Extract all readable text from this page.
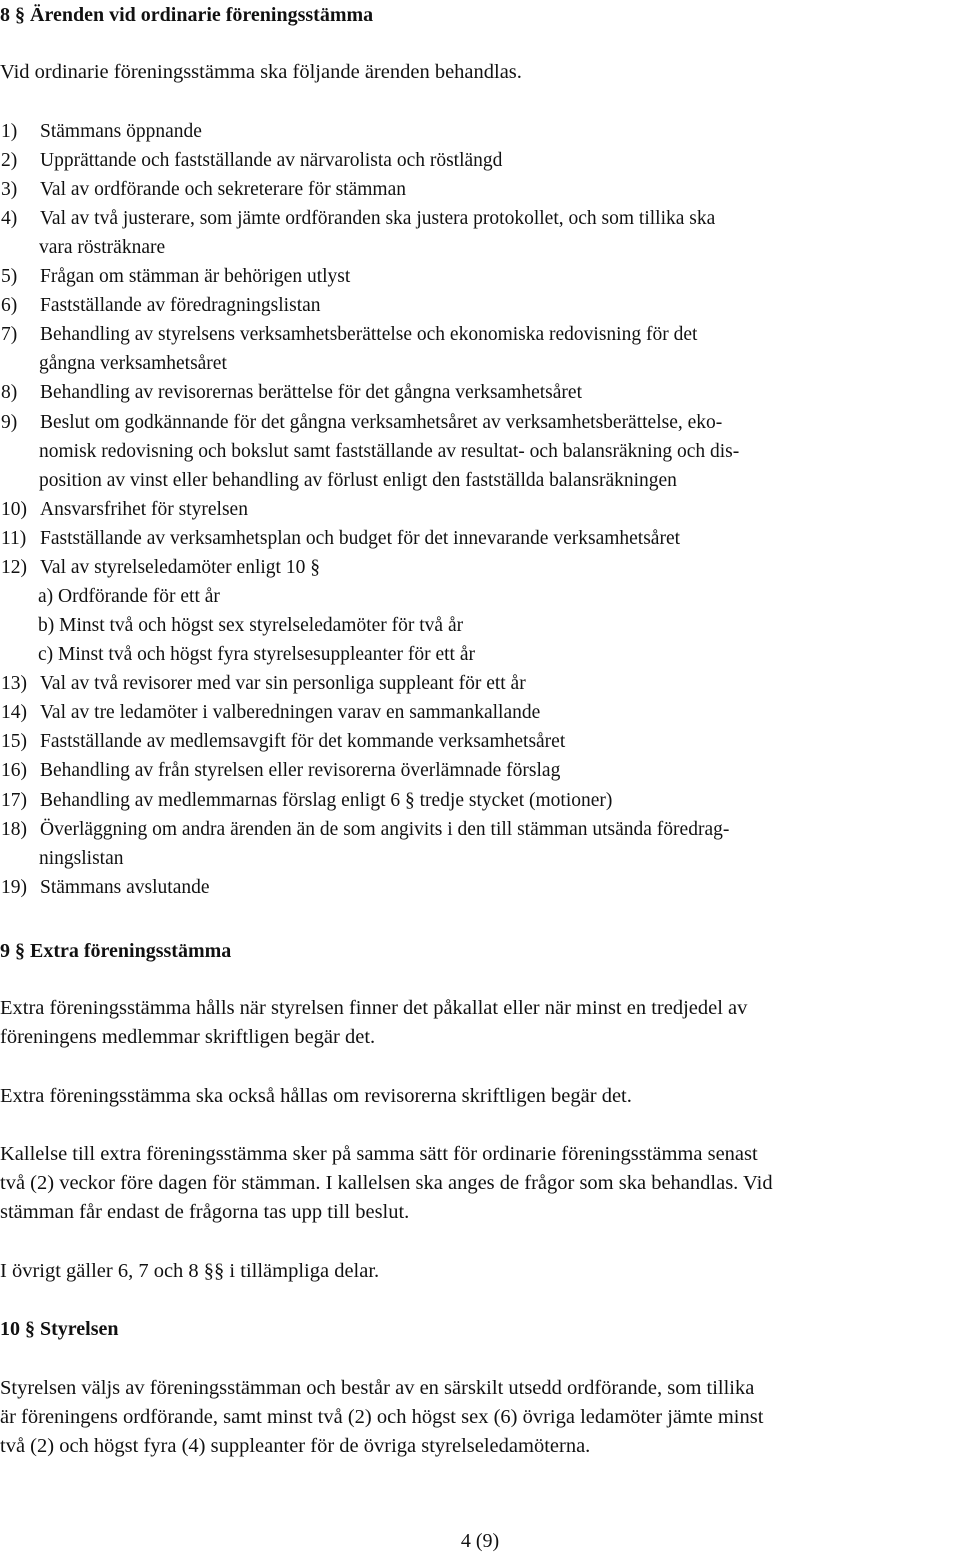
8 § Ärenden vid ordinarie föreningsstämma

Vid ordinarie föreningsstämma ska följande ärenden behandlas.

1) Stämmans öppnande

2) Upprättande och fastställande av närvarolista och röstlängd

3) Val av ordförande och sekreterare för stämman

4) Val av två justerare, som jämte ordföranden ska justera protokollet, och som tillika ska

vara rösträknare

5) Frågan om stämman är behörigen utlyst

6) Fastställande av föredragningslistan

7) Behandling av styrelsens verksamhetsberättelse och ekonomiska redovisning för det

gångna verksamhetsåret

8) Behandling av revisorernas berättelse för det gångna verksamhetsåret

9) Beslut om godkännande för det gångna verksamhetsåret av verksamhetsberättelse, eko-

nomisk redovisning och bokslut samt fastställande av resultat- och balansräkning och dis-

position av vinst eller behandling av förlust enligt den fastställda balansräkningen

10) Ansvarsfrihet för styrelsen

11) Fastställande av verksamhetsplan och budget för det innevarande verksamhetsåret

12) Val av styrelseledamöter enligt 10 §

a) Ordförande för ett år

b) Minst två och högst sex styrelseledamöter för två år

c) Minst två och högst fyra styrelsesuppleanter för ett år

13) Val av två revisorer med var sin personliga suppleant för ett år

14) Val av tre ledamöter i valberedningen varav en sammankallande

15) Fastställande av medlemsavgift för det kommande verksamhetsåret

16) Behandling av från styrelsen eller revisorerna överlämnade förslag

17) Behandling av medlemmarnas förslag enligt 6 § tredje stycket (motioner)

18) Överläggning om andra ärenden än de som angivits i den till stämman utsända föredrag-

ningslistan

19) Stämmans avslutande

9 § Extra föreningsstämma

Extra föreningsstämma hålls när styrelsen finner det påkallat eller när minst en tredjedel av

föreningens medlemmar skriftligen begär det.

Extra föreningsstämma ska också hållas om revisorerna skriftligen begär det.

Kallelse till extra föreningsstämma sker på samma sätt för ordinarie föreningsstämma senast

två (2) veckor före dagen för stämman. I kallelsen ska anges de frågor som ska behandlas. Vid

stämman får endast de frågorna tas upp till beslut.

I övrigt gäller 6, 7 och 8 §§ i tillämpliga delar.

10 § Styrelsen

Styrelsen väljs av föreningsstämman och består av en särskilt utsedd ordförande, som tillika

är föreningens ordförande, samt minst två (2) och högst sex (6) övriga ledamöter jämte minst

två (2) och högst fyra (4) suppleanter för de övriga styrelseledamöterna.

4 (9)
